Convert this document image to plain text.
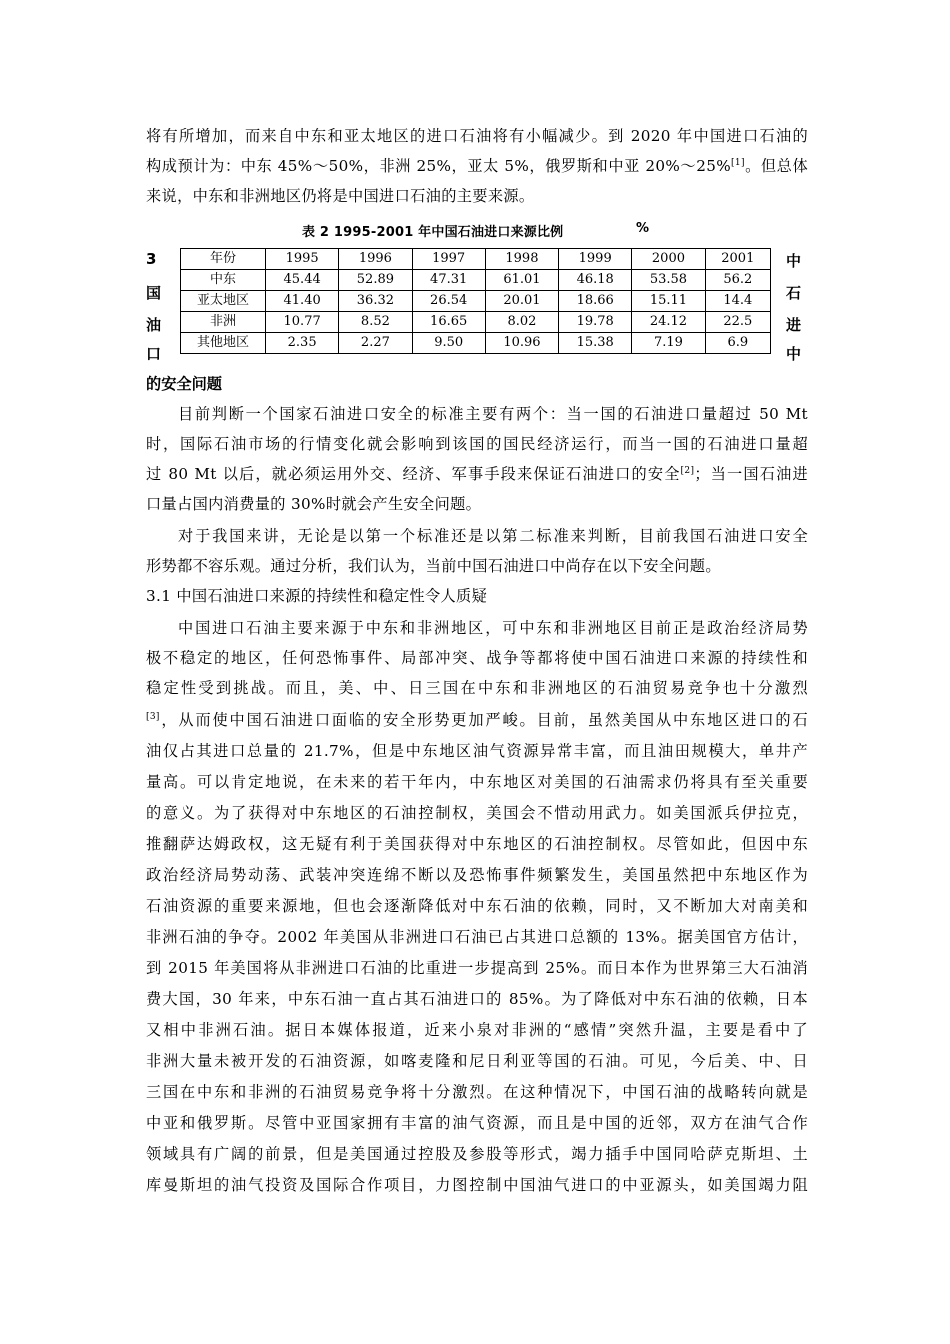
将有所增加，而来自中东和亚太地区的进口石油将有小幅减少。到 2020 年中国进口石油的
构成预计为：中东 45%～50%，非洲 25%，亚太 5%，俄罗斯和中亚 20%～25%[1]。但总体
来说，中东和非洲地区仍将是中国进口石油的主要来源。
表 2 1995-2001 年中国石油进口来源比例	%
3
国
油
口
中
石
进
中
年份	1995	1996	1997	1998	1999	2000	2001
中东	45.44	52.89	47.31	61.01	46.18	53.58	56.2
亚太地区	41.40	36.32	26.54	20.01	18.66	15.11	14.4
非洲	10.77	8.52	16.65	8.02	19.78	24.12	22.5
其他地区	2.35	2.27	9.50	10.96	15.38	7.19	6.9
的安全问题
目前判断一个国家石油进口安全的标准主要有两个：当一国的石油进口量超过 50 Mt
时，国际石油市场的行情变化就会影响到该国的国民经济运行，而当一国的石油进口量超
过 80 Mt 以后，就必须运用外交、经济、军事手段来保证石油进口的安全[2]；当一国石油进
口量占国内消费量的 30%时就会产生安全问题。
对于我国来讲，无论是以第一个标准还是以第二标准来判断，目前我国石油进口安全
形势都不容乐观。通过分析，我们认为，当前中国石油进口中尚存在以下安全问题。
3.1 中国石油进口来源的持续性和稳定性令人质疑
中国进口石油主要来源于中东和非洲地区，可中东和非洲地区目前正是政治经济局势
极不稳定的地区，任何恐怖事件、局部冲突、战争等都将使中国石油进口来源的持续性和
稳定性受到挑战。而且，美、中、日三国在中东和非洲地区的石油贸易竞争也十分激烈
[3]，从而使中国石油进口面临的安全形势更加严峻。目前，虽然美国从中东地区进口的石
油仅占其进口总量的 21.7%，但是中东地区油气资源异常丰富，而且油田规模大，单井产
量高。可以肯定地说，在未来的若干年内，中东地区对美国的石油需求仍将具有至关重要
的意义。为了获得对中东地区的石油控制权，美国会不惜动用武力。如美国派兵伊拉克，
推翻萨达姆政权，这无疑有利于美国获得对中东地区的石油控制权。尽管如此，但因中东
政治经济局势动荡、武装冲突连绵不断以及恐怖事件频繁发生，美国虽然把中东地区作为
石油资源的重要来源地，但也会逐渐降低对中东石油的依赖，同时，又不断加大对南美和
非洲石油的争夺。2002 年美国从非洲进口石油已占其进口总额的 13%。据美国官方估计，
到 2015 年美国将从非洲进口石油的比重进一步提高到 25%。而日本作为世界第三大石油消
费大国，30 年来，中东石油一直占其石油进口的 85%。为了降低对中东石油的依赖，日本
又相中非洲石油。据日本媒体报道，近来小泉对非洲的“感情”突然升温，主要是看中了
非洲大量未被开发的石油资源，如喀麦隆和尼日利亚等国的石油。可见，今后美、中、日
三国在中东和非洲的石油贸易竞争将十分激烈。在这种情况下，中国石油的战略转向就是
中亚和俄罗斯。尽管中亚国家拥有丰富的油气资源，而且是中国的近邻，双方在油气合作
领域具有广阔的前景，但是美国通过控股及参股等形式，竭力插手中国同哈萨克斯坦、土
库曼斯坦的油气投资及国际合作项目，力图控制中国油气进口的中亚源头，如美国竭力阻
